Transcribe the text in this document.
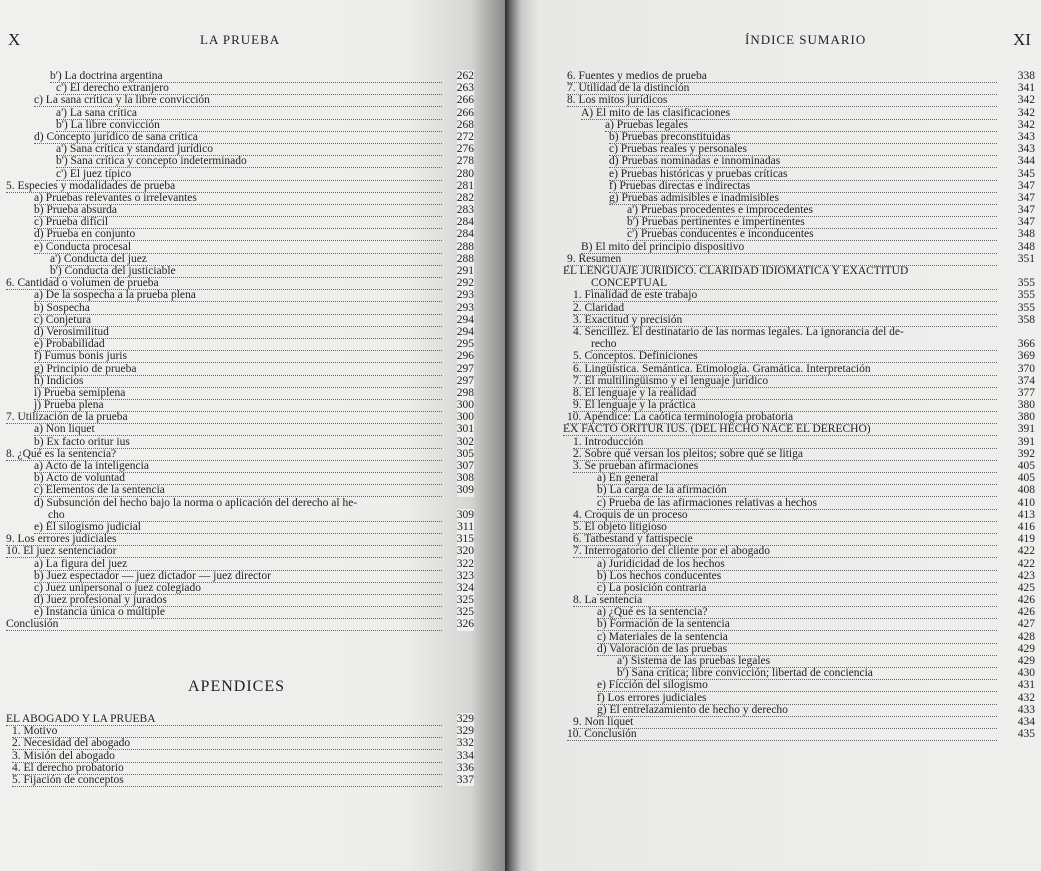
X	LA PRUEBA
b') La doctrina argentina	262
c') El derecho extranjero	263
c) La sana crítica y la libre convicción	266
a') La sana crítica	266
b') La libre convicción	268
d) Concepto jurídico de sana crítica	272
a') Sana crítica y standard jurídico	276
b') Sana crítica y concepto indeterminado	278
c') El juez típico	280
5. Especies y modalidades de prueba	281
a) Pruebas relevantes o irrelevantes	282
b) Prueba absurda	283
c) Prueba difícil	284
d) Prueba en conjunto	284
e) Conducta procesal	288
a') Conducta del juez	288
b') Conducta del justiciable	291
6. Cantidad o volumen de prueba	292
a) De la sospecha a la prueba plena	293
b) Sospecha	293
c) Conjetura	294
d) Verosimilitud	294
e) Probabilidad	295
f) Fumus bonis juris	296
g) Principio de prueba	297
h) Indicios	297
i) Prueba semiplena	298
j) Prueba plena	300
7. Utilización de la prueba	300
a) Non liquet	301
b) Ex facto oritur ius	302
8. ¿Qué es la sentencia?	305
a) Acto de la inteligencia	307
b) Acto de voluntad	308
c) Elementos de la sentencia	309
d) Subsunción del hecho bajo la norma o aplicación del derecho al he-
cho	309
e) El silogismo judicial	311
9. Los errores judiciales	315
10. El juez sentenciador	320
a) La figura del juez	322
b) Juez espectador — juez dictador — juez director	323
c) Juez unipersonal o juez colegiado	324
d) Juez profesional y jurados	325
e) Instancia única o múltiple	325
Conclusión	326
APENDICES
EL ABOGADO Y LA PRUEBA	329
1. Motivo	329
2. Necesidad del abogado	332
3. Misión del abogado	334
4. El derecho probatorio	336
5. Fijación de conceptos	337
ÍNDICE SUMARIO	XI
6. Fuentes y medios de prueba	338
7. Utilidad de la distinción	341
8. Los mitos jurídicos	342
A) El mito de las clasificaciones	342
a) Pruebas legales	342
b) Pruebas preconstituidas	343
c) Pruebas reales y personales	343
d) Pruebas nominadas e innominadas	344
e) Pruebas históricas y pruebas críticas	345
f) Pruebas directas e indirectas	347
g) Pruebas admisibles e inadmisibles	347
a') Pruebas procedentes e improcedentes	347
b') Pruebas pertinentes e impertinentes	347
c') Pruebas conducentes e inconducentes	348
B) El mito del principio dispositivo	348
9. Resumen	351
EL LENGUAJE JURIDICO. CLARIDAD IDIOMATICA Y EXACTITUD
CONCEPTUAL	355
1. Finalidad de este trabajo	355
2. Claridad	355
3. Exactitud y precisión	358
4. Sencillez. El destinatario de las normas legales. La ignorancia del de-
recho	366
5. Conceptos. Definiciones	369
6. Lingüística. Semántica. Etimología. Gramática. Interpretación	370
7. El multilingüismo y el lenguaje jurídico	374
8. El lenguaje y la realidad	377
9. El lenguaje y la práctica	380
10. Apéndice: La caótica terminología probatoria	380
EX FACTO ORITUR IUS. (DEL HECHO NACE EL DERECHO)	391
1. Introducción	391
2. Sobre qué versan los pleitos; sobre qué se litiga	392
3. Se prueban afirmaciones	405
a) En general	405
b) La carga de la afirmación	408
c) Prueba de las afirmaciones relativas a hechos	410
4. Croquis de un proceso	413
5. El objeto litigioso	416
6. Tatbestand y fattispecie	419
7. Interrogatorio del cliente por el abogado	422
a) Juridicidad de los hechos	422
b) Los hechos conducentes	423
c) La posición contraria	425
8. La sentencia	426
a) ¿Qué es la sentencia?	426
b) Formación de la sentencia	427
c) Materiales de la sentencia	428
d) Valoración de las pruebas	429
a') Sistema de las pruebas legales	429
b') Sana crítica; libre convicción; libertad de conciencia	430
e) Ficción del silogismo	431
f) Los errores judiciales	432
g) El entrelazamiento de hecho y derecho	433
9. Non liquet	434
10. Conclusión	435
